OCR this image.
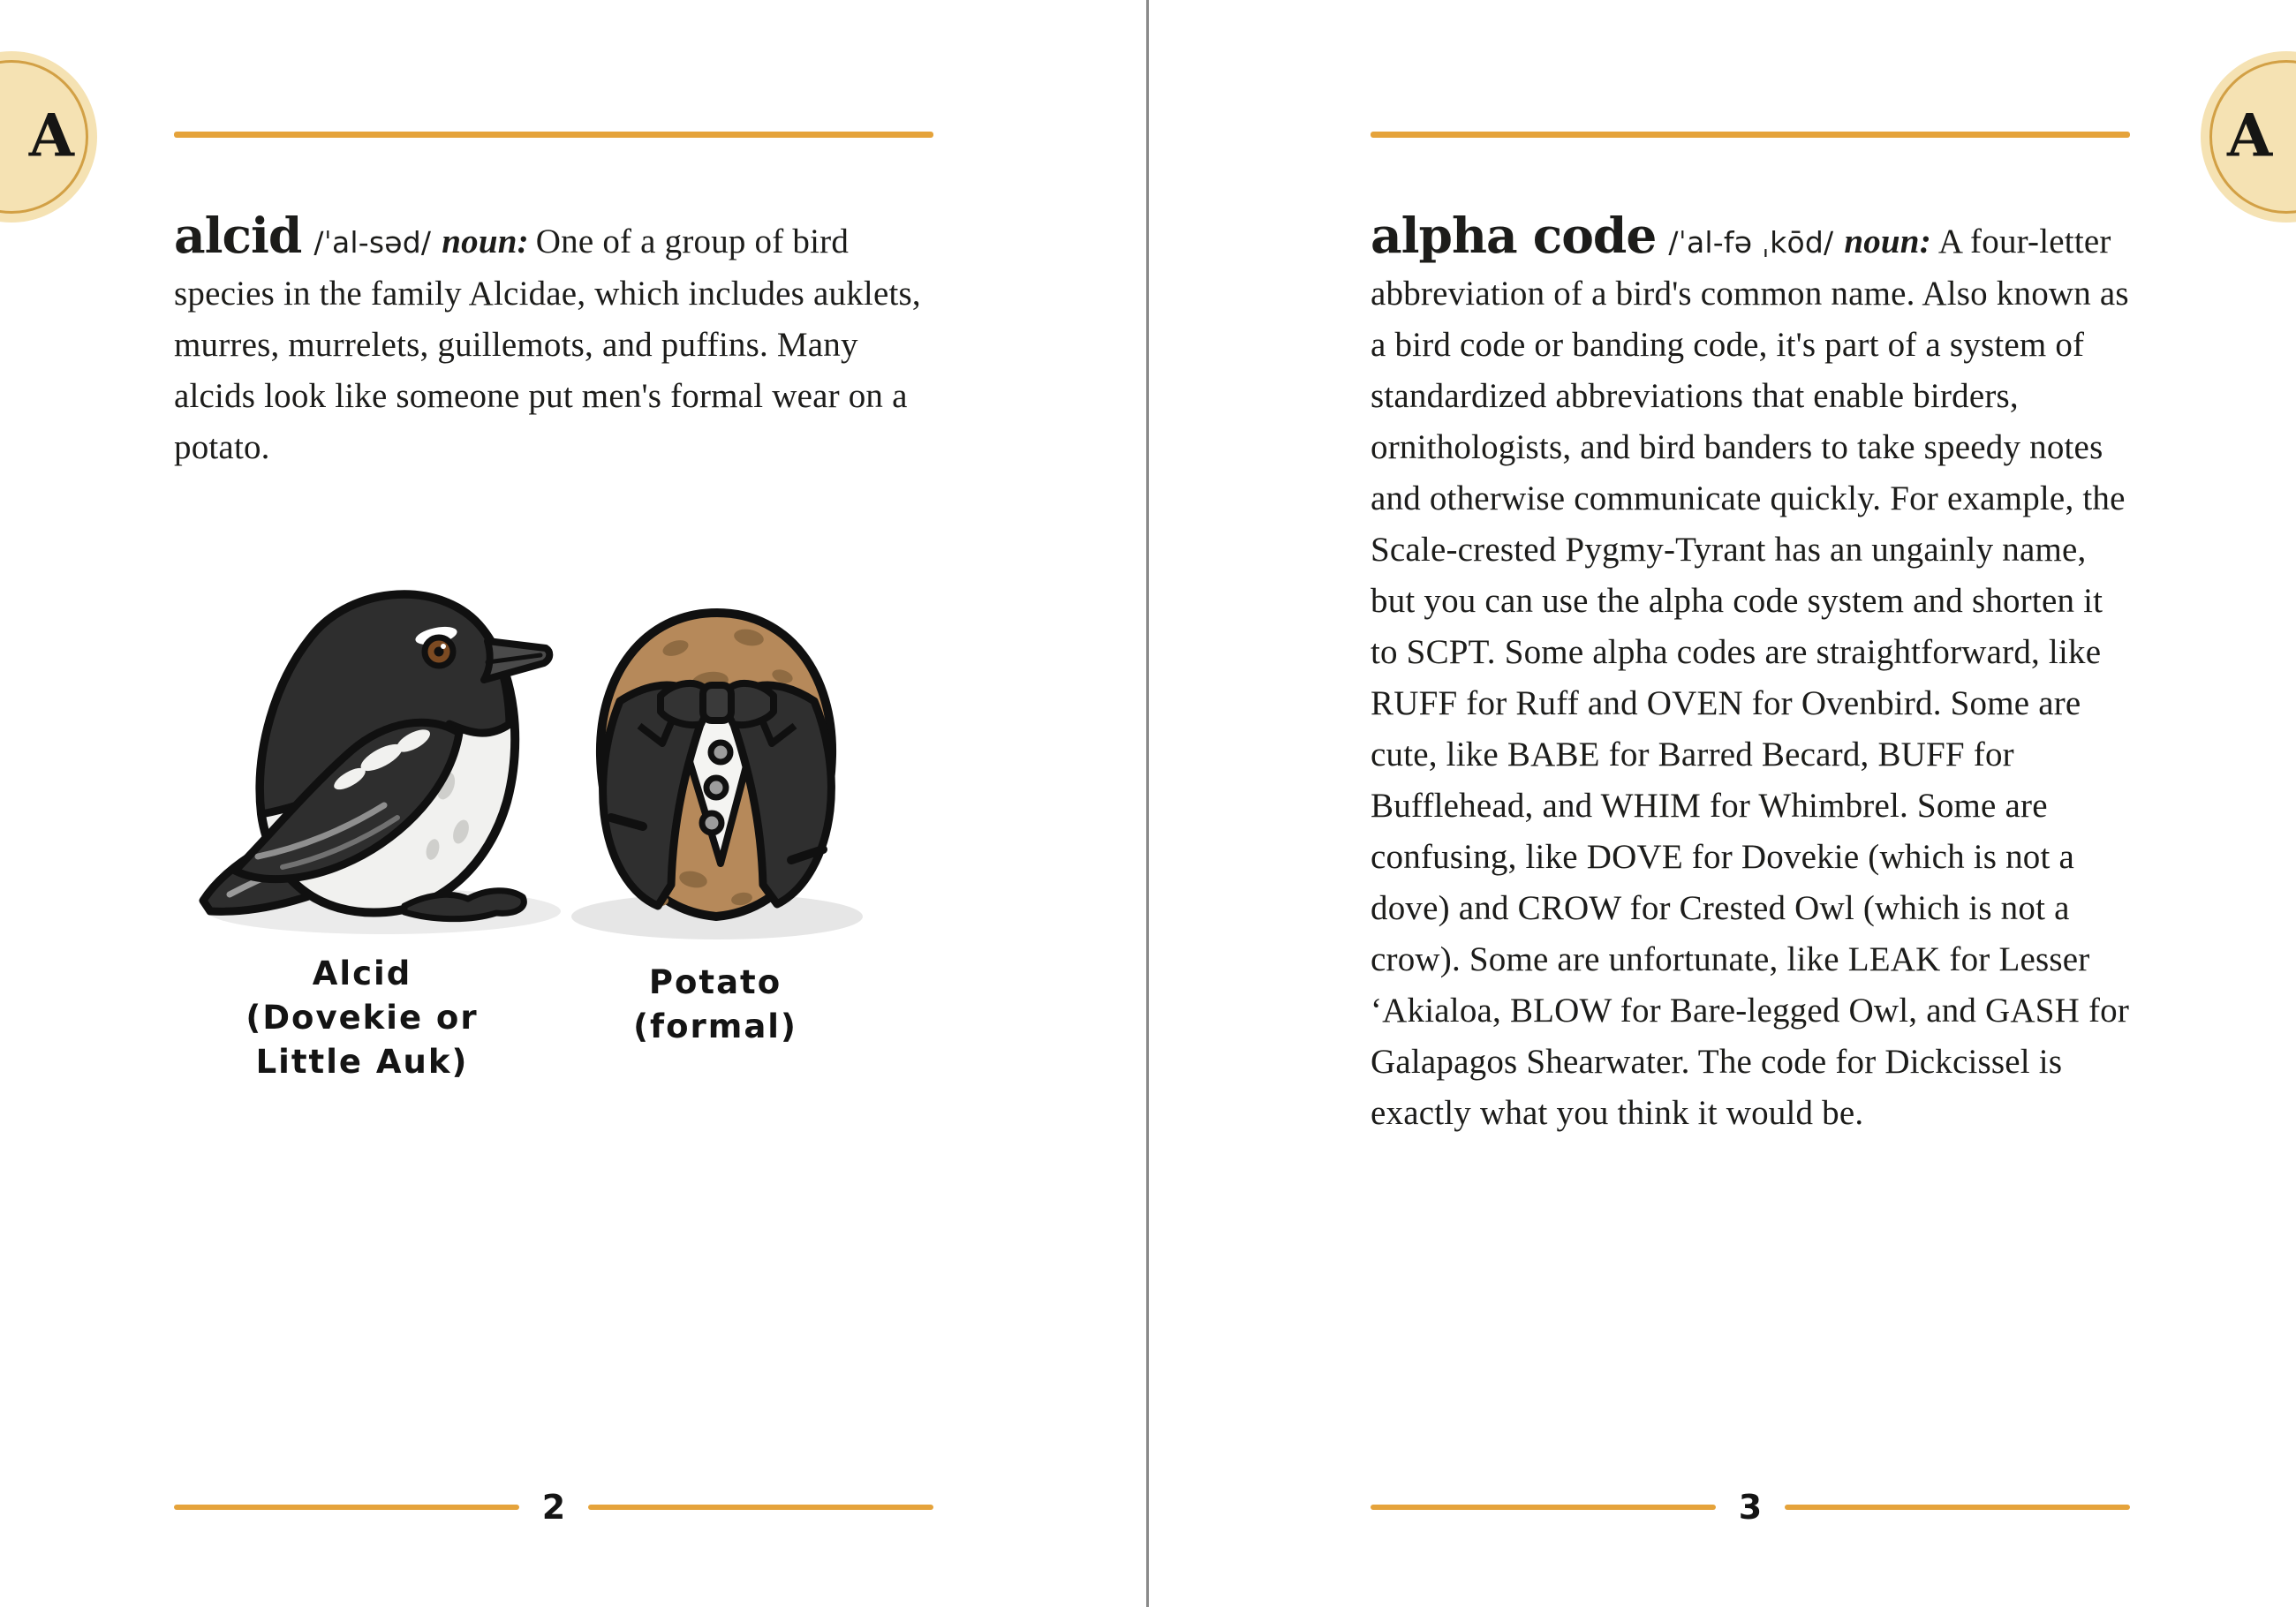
A

alcid /ˈal-səd/ noun: One of a group of bird species in the family Alcidae, which includes auklets, murres, murrelets, guillemots, and puffins. Many alcids look like someone put men's formal wear on a potato.

Alcid
(Dovekie or
Little Auk)
Potato
(formal)
2
A

alpha code /ˈal-fə ˌkōd/ noun: A four-letter abbreviation of a bird's common name. Also known as a bird code or banding code, it's part of a system of standardized abbreviations that enable birders, ornithologists, and bird banders to take speedy notes and otherwise communicate quickly. For example, the Scale-crested Pygmy-Tyrant has an ungainly name, but you can use the alpha code system and shorten it to SCPT. Some alpha codes are straightforward, like RUFF for Ruff and OVEN for Ovenbird. Some are cute, like BABE for Barred Becard, BUFF for Bufflehead, and WHIM for Whimbrel. Some are confusing, like DOVE for Dovekie (which is not a dove) and CROW for Crested Owl (which is not a crow). Some are unfortunate, like LEAK for Lesser ‘Akialoa, BLOW for Bare-legged Owl, and GASH for Galapagos Shearwater. The code for Dickcissel is exactly what you think it would be.

3
